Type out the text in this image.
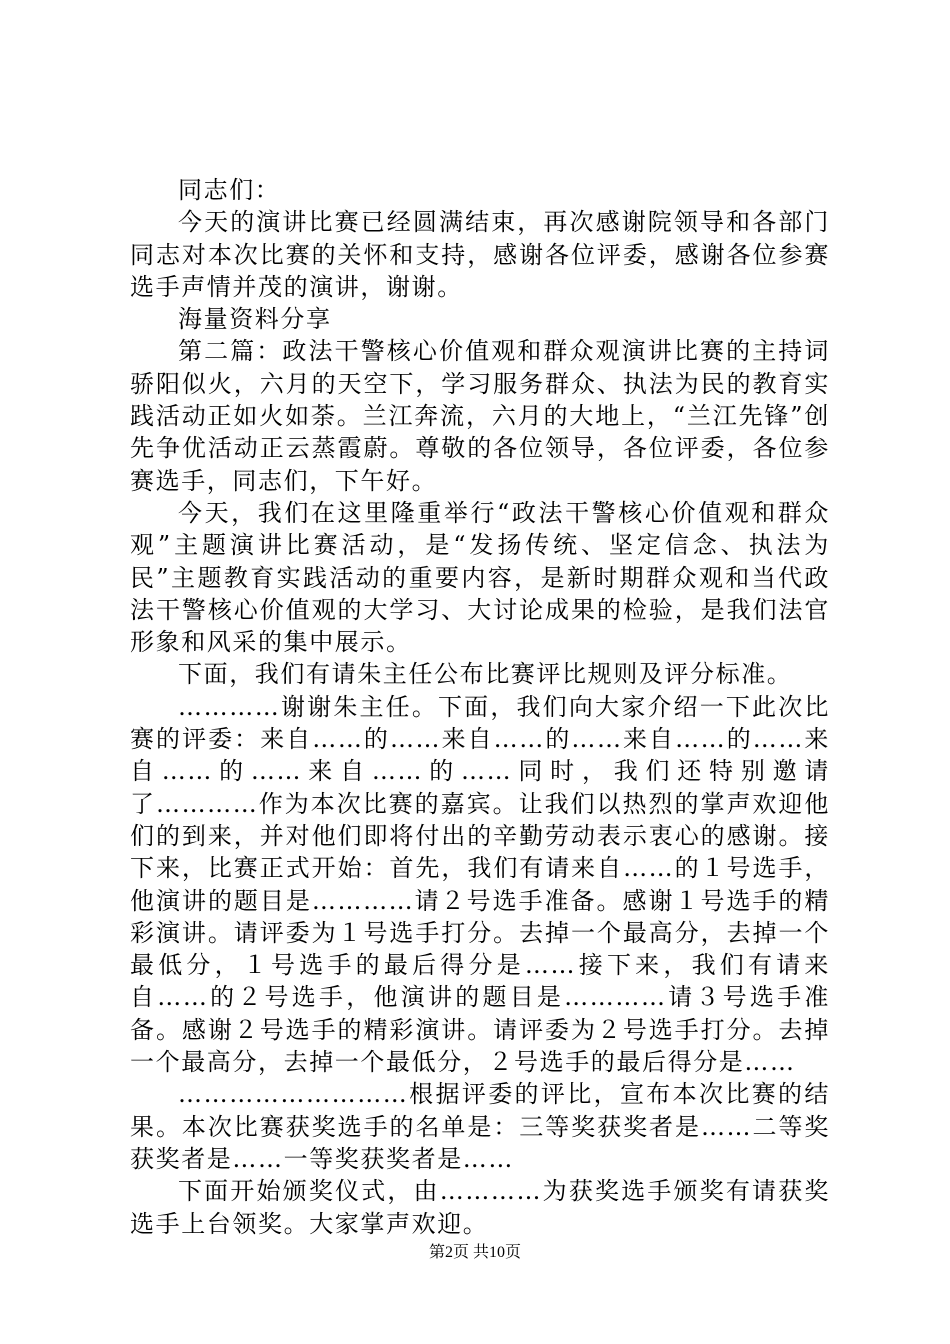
同志们：

今天的演讲比赛已经圆满结束，再次感谢院领导和各部门同志对本次比赛的关怀和支持，感谢各位评委，感谢各位参赛选手声情并茂的演讲，谢谢。

海量资料分享

第二篇：政法干警核心价值观和群众观演讲比赛的主持词骄阳似火，六月的天空下，学习服务群众、执法为民的教育实践活动正如火如荼。兰江奔流，六月的大地上，“兰江先锋”创先争优活动正云蒸霞蔚。尊敬的各位领导，各位评委，各位参赛选手，同志们，下午好。

今天，我们在这里隆重举行“政法干警核心价值观和群众观”主题演讲比赛活动，是“发扬传统、坚定信念、执法为民”主题教育实践活动的重要内容，是新时期群众观和当代政法干警核心价值观的大学习、大讨论成果的检验，是我们法官形象和风采的集中展示。

下面，我们有请朱主任公布比赛评比规则及评分标准。

…………谢谢朱主任。下面，我们向大家介绍一下此次比赛的评委：来自……的……来自……的……来自……的……来自……的……来自……的……同时，我们还特别邀请了…………作为本次比赛的嘉宾。让我们以热烈的掌声欢迎他们的到来，并对他们即将付出的辛勤劳动表示衷心的感谢。接下来，比赛正式开始：首先，我们有请来自……的１号选手，他演讲的题目是…………请２号选手准备。感谢１号选手的精彩演讲。请评委为１号选手打分。去掉一个最高分，去掉一个最低分，１号选手的最后得分是……接下来，我们有请来自……的２号选手，他演讲的题目是…………请３号选手准备。感谢２号选手的精彩演讲。请评委为２号选手打分。去掉一个最高分，去掉一个最低分，２号选手的最后得分是……

………………………根据评委的评比，宣布本次比赛的结果。本次比赛获奖选手的名单是：三等奖获奖者是……二等奖获奖者是……一等奖获奖者是……

下面开始颁奖仪式，由…………为获奖选手颁奖有请获奖选手上台领奖。大家掌声欢迎。

第2页 共10页
